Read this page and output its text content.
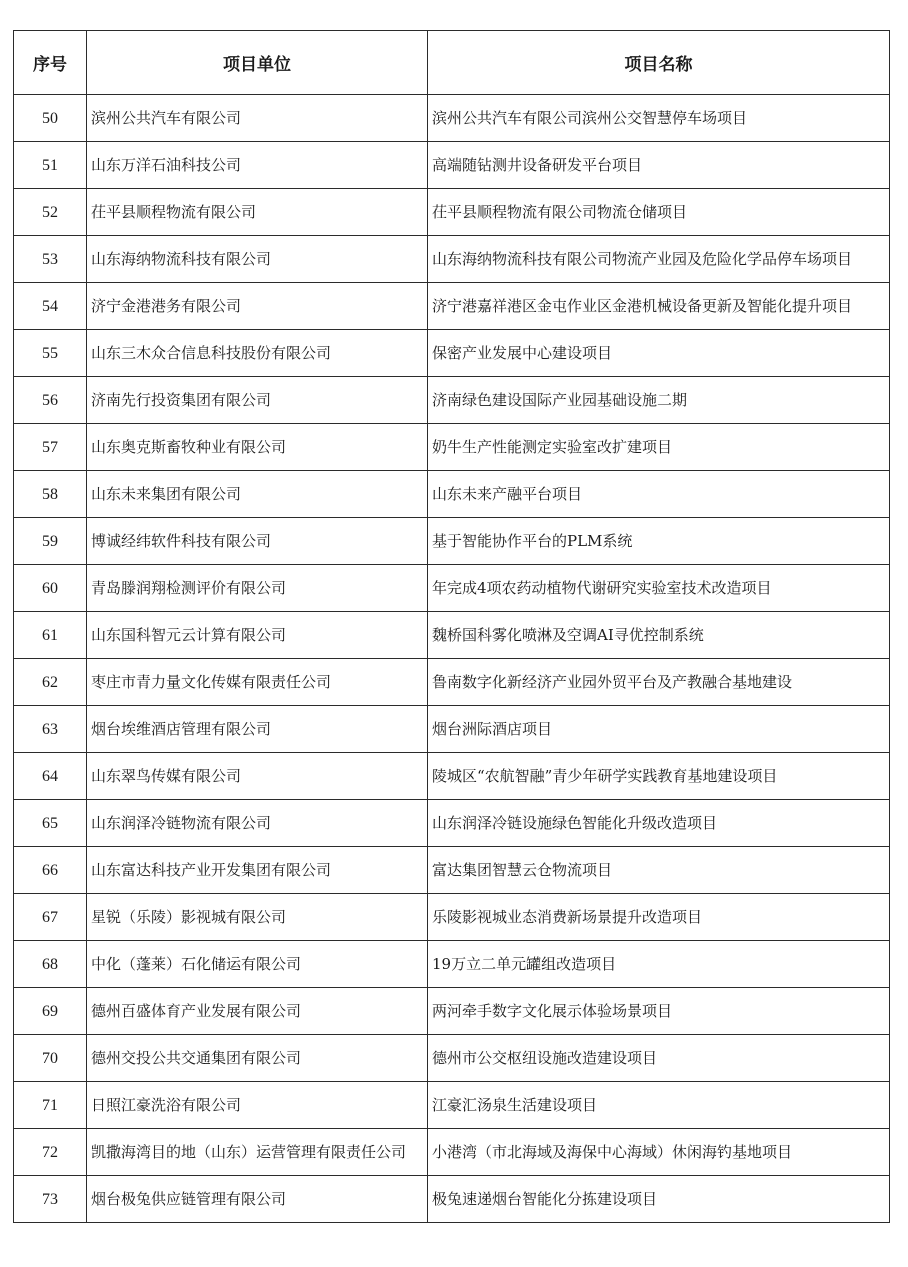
序号	项目单位	项目名称
50	滨州公共汽车有限公司	滨州公共汽车有限公司滨州公交智慧停车场项目
51	山东万洋石油科技公司	高端随钻测井设备研发平台项目
52	茌平县顺程物流有限公司	茌平县顺程物流有限公司物流仓储项目
53	山东海纳物流科技有限公司	山东海纳物流科技有限公司物流产业园及危险化学品停车场项目
54	济宁金港港务有限公司	济宁港嘉祥港区金屯作业区金港机械设备更新及智能化提升项目
55	山东三木众合信息科技股份有限公司	保密产业发展中心建设项目
56	济南先行投资集团有限公司	济南绿色建设国际产业园基础设施二期
57	山东奥克斯畜牧种业有限公司	奶牛生产性能测定实验室改扩建项目
58	山东未来集团有限公司	山东未来产融平台项目
59	博诚经纬软件科技有限公司	基于智能协作平台的PLM系统
60	青岛滕润翔检测评价有限公司	年完成4项农药动植物代谢研究实验室技术改造项目
61	山东国科智元云计算有限公司	魏桥国科雾化喷淋及空调AI寻优控制系统
62	枣庄市青力量文化传媒有限责任公司	鲁南数字化新经济产业园外贸平台及产教融合基地建设
63	烟台埃维酒店管理有限公司	烟台洲际酒店项目
64	山东翠鸟传媒有限公司	陵城区“农航智融”青少年研学实践教育基地建设项目
65	山东润泽冷链物流有限公司	山东润泽冷链设施绿色智能化升级改造项目
66	山东富达科技产业开发集团有限公司	富达集团智慧云仓物流项目
67	星锐（乐陵）影视城有限公司	乐陵影视城业态消费新场景提升改造项目
68	中化（蓬莱）石化储运有限公司	19万立二单元罐组改造项目
69	德州百盛体育产业发展有限公司	两河牵手数字文化展示体验场景项目
70	德州交投公共交通集团有限公司	德州市公交枢纽设施改造建设项目
71	日照江豪洗浴有限公司	江豪汇汤泉生活建设项目
72	凯撒海湾目的地（山东）运营管理有限责任公司	小港湾（市北海域及海保中心海域）休闲海钓基地项目
73	烟台极兔供应链管理有限公司	极兔速递烟台智能化分拣建设项目
